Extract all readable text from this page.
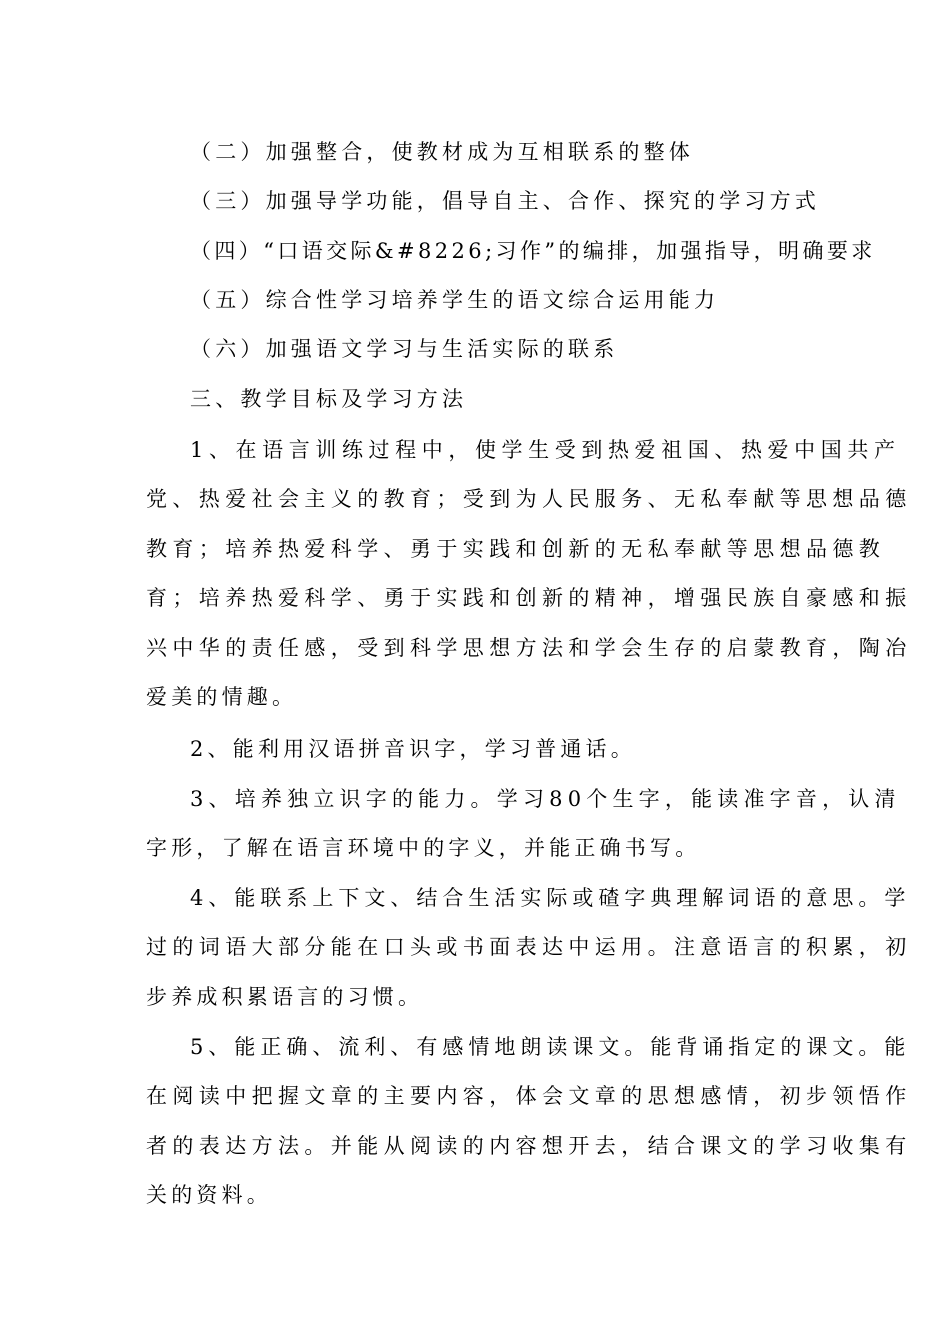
（二）加强整合，使教材成为互相联系的整体
（三）加强导学功能，倡导自主、合作、探究的学习方式
（四）“口语交际&#8226;习作”的编排，加强指导，明确要求
（五）综合性学习培养学生的语文综合运用能力
（六）加强语文学习与生活实际的联系
三、教学目标及学习方法
1、在语言训练过程中，使学生受到热爱祖国、热爱中国共产
党、热爱社会主义的教育；受到为人民服务、无私奉献等思想品德
教育；培养热爱科学、勇于实践和创新的无私奉献等思想品德教
育；培养热爱科学、勇于实践和创新的精神，增强民族自豪感和振
兴中华的责任感，受到科学思想方法和学会生存的启蒙教育，陶冶
爱美的情趣。
2、能利用汉语拼音识字，学习普通话。
3、培养独立识字的能力。学习80个生字，能读准字音，认清
字形，了解在语言环境中的字义，并能正确书写。
4、能联系上下文、结合生活实际或碴字典理解词语的意思。学
过的词语大部分能在口头或书面表达中运用。注意语言的积累，初
步养成积累语言的习惯。
5、能正确、流利、有感情地朗读课文。能背诵指定的课文。能
在阅读中把握文章的主要内容，体会文章的思想感情，初步领悟作
者的表达方法。并能从阅读的内容想开去，结合课文的学习收集有
关的资料。
